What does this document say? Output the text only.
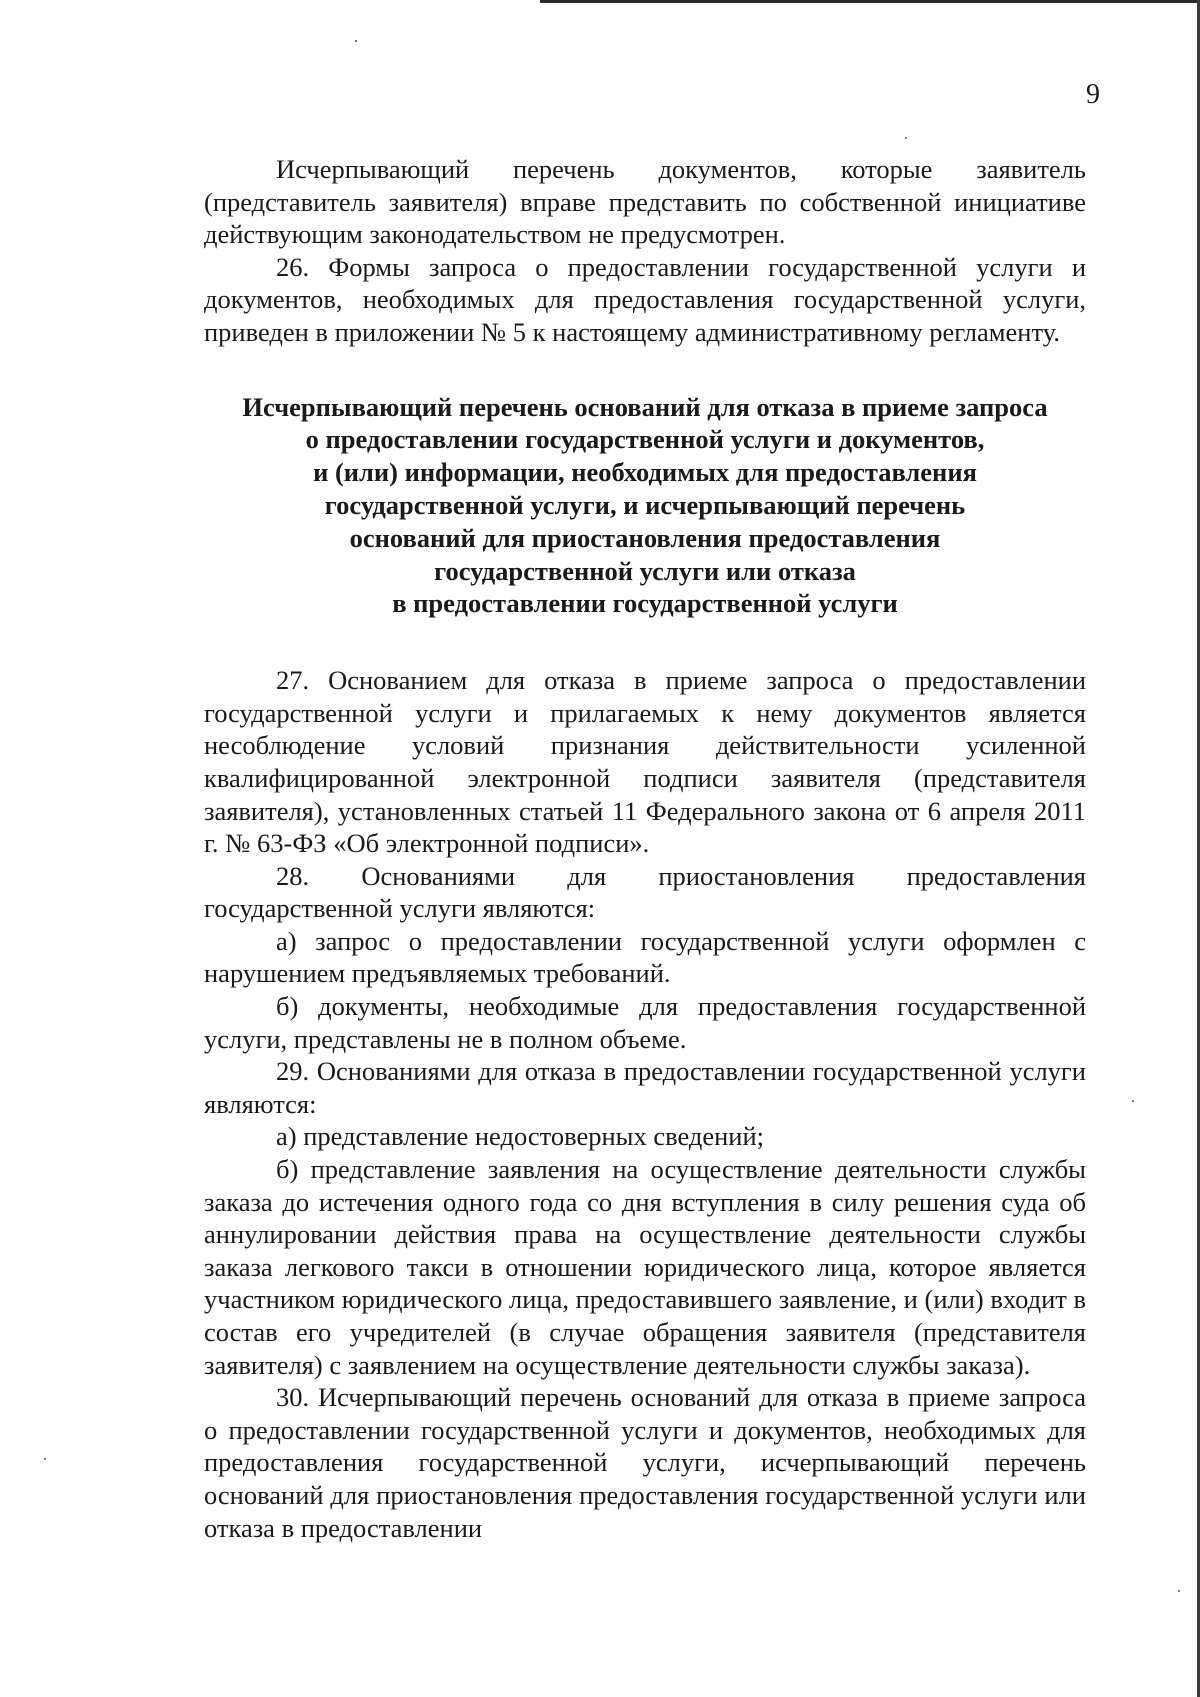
9

Исчерпывающий перечень документов, которые заявитель (представитель заявителя) вправе представить по собственной инициативе действующим законодательством не предусмотрен.

26. Формы запроса о предоставлении государственной услуги и документов, необходимых для предоставления государственной услуги, приведен в приложении № 5 к настоящему административному регламенту.

Исчерпывающий перечень оснований для отказа в приеме запроса
о предоставлении государственной услуги и документов,
и (или) информации, необходимых для предоставления
государственной услуги, и исчерпывающий перечень
оснований для приостановления предоставления
государственной услуги или отказа
в предоставлении государственной услуги

27. Основанием для отказа в приеме запроса о предоставлении государственной услуги и прилагаемых к нему документов является несоблюдение условий признания действительности усиленной квалифицированной электронной подписи заявителя (представителя заявителя), установленных статьей 11 Федерального закона от 6 апреля 2011 г. № 63-ФЗ «Об электронной подписи».

28. Основаниями для приостановления предоставления государственной услуги являются:

а) запрос о предоставлении государственной услуги оформлен с нарушением предъявляемых требований.

б) документы, необходимые для предоставления государственной услуги, представлены не в полном объеме.

29. Основаниями для отказа в предоставлении государственной услуги являются:

а) представление недостоверных сведений;

б) представление заявления на осуществление деятельности службы заказа до истечения одного года со дня вступления в силу решения суда об аннулировании действия права на осуществление деятельности службы заказа легкового такси в отношении юридического лица, которое является участником юридического лица, предоставившего заявление, и (или) входит в состав его учредителей (в случае обращения заявителя (представителя заявителя) с заявлением на осуществление деятельности службы заказа).

30. Исчерпывающий перечень оснований для отказа в приеме запроса о предоставлении государственной услуги и документов, необходимых для предоставления государственной услуги, исчерпывающий перечень оснований для приостановления предоставления государственной услуги или отказа в предоставлении
